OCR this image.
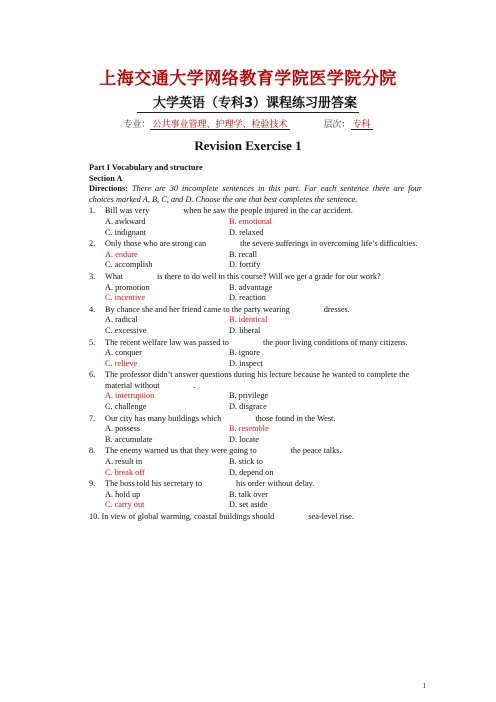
上海交通大学网络教育学院医学院分院
大学英语（专科3）课程练习册答案
专业： 公共事业管理、护理学、检验技术	层次： 专科
Revision Exercise 1
Part I Vocabulary and structure
Section A
Directions: There are 30 incomplete sentences in this part. For each sentence there are four choices marked A, B, C, and D. Choose the one that best completes the sentence.
1. Bill was very	when he saw the people injured in the car accident.
A. awkward	B. emotional
C. indignant	D. relaxed
2. Only those who are strong can	the severe sufferings in overcoming life’s difficulties.
A. endure	B. recall
C. accomplish	D. fortify
3. What	is there to do well in this course? Will we get a grade for our work?
A. promotion	B. advantage
C. incentive	D. reaction
4. By chance she and her friend came to the party wearing	dresses.
A. radical	B. identical
C. excessive	D. liberal
5. The recent welfare law was passed to	the poor living conditions of many citizens.
A. conquer	B. ignore
C. relieve	D. inspect
6. The professor didn’t answer questions during his lecture because he wanted to complete the material without	.
A. interruption	B. privilege
C. challenge	D. disgrace
7. Our city has many buildings which	those found in the West.
A. possess	B. resemble
B. accumulate	D. locate
8. The enemy warned us that they were going to	the peace talks.
A. result in	B. stick to
C. break off	D. depend on
9. The boss told his secretary to	his order without delay.
A. hold up	B. talk over
C. carry out	D. set aside
10. In view of global warming, coastal buildings should	sea-level rise.
1
